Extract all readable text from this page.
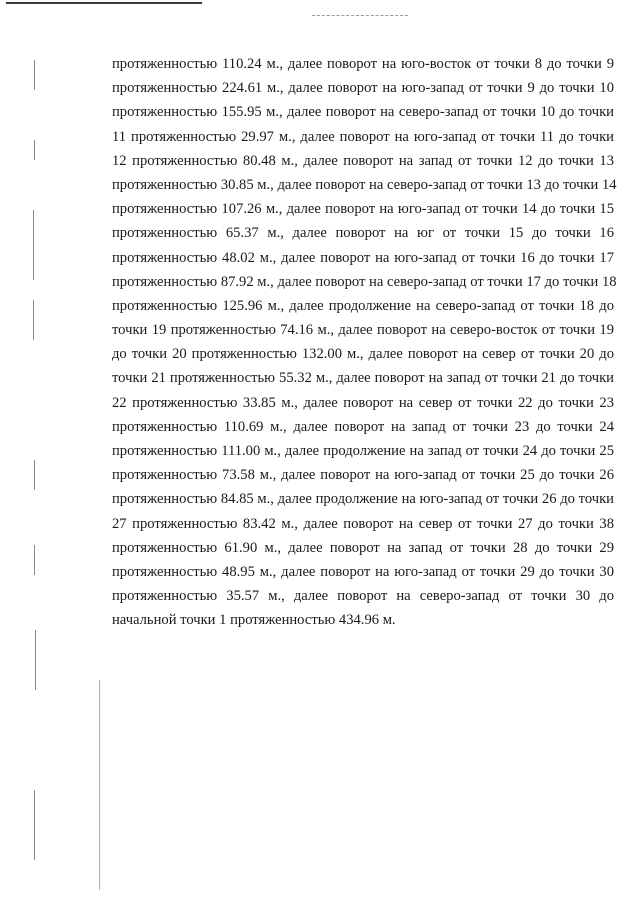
протяженностью 110.24 м., далее поворот на юго-восток от точки 8 до точки 9
протяженностью 224.61 м., далее поворот на юго-запад от точки 9 до точки 10
протяженностью 155.95 м., далее поворот на северо-запад от точки 10 до точки
11 протяженностью 29.97 м., далее поворот на юго-запад от точки 11 до точки
12 протяженностью 80.48 м., далее поворот на запад от точки 12 до точки 13
протяженностью 30.85 м., далее поворот на северо-запад от точки 13 до точки 14
протяженностью 107.26 м., далее поворот на юго-запад от точки 14 до точки 15
протяженностью 65.37 м., далее поворот на юг от точки 15 до точки 16
протяженностью 48.02 м., далее поворот на юго-запад от точки 16 до точки 17
протяженностью 87.92 м., далее поворот на северо-запад от точки 17 до точки 18
протяженностью 125.96 м., далее продолжение на северо-запад от точки 18 до
точки 19 протяженностью 74.16 м., далее поворот на северо-восток от точки 19
до точки 20 протяженностью 132.00 м., далее поворот на север от точки 20 до
точки 21 протяженностью 55.32 м., далее поворот на запад от точки 21 до точки
22 протяженностью 33.85 м., далее поворот на север от точки 22 до точки 23
протяженностью 110.69 м., далее поворот на запад от точки 23 до точки 24
протяженностью 111.00 м., далее продолжение на запад от точки 24 до точки 25
протяженностью 73.58 м., далее поворот на юго-запад от точки 25 до точки 26
протяженностью 84.85 м., далее продолжение на юго-запад от точки 26 до точки
27 протяженностью 83.42 м., далее поворот на север от точки 27 до точки 38
протяженностью 61.90 м., далее поворот на запад от точки 28 до точки 29
протяженностью 48.95 м., далее поворот на юго-запад от точки 29 до точки 30
протяженностью 35.57 м., далее поворот на северо-запад от точки 30 до
начальной точки 1 протяженностью 434.96 м.
